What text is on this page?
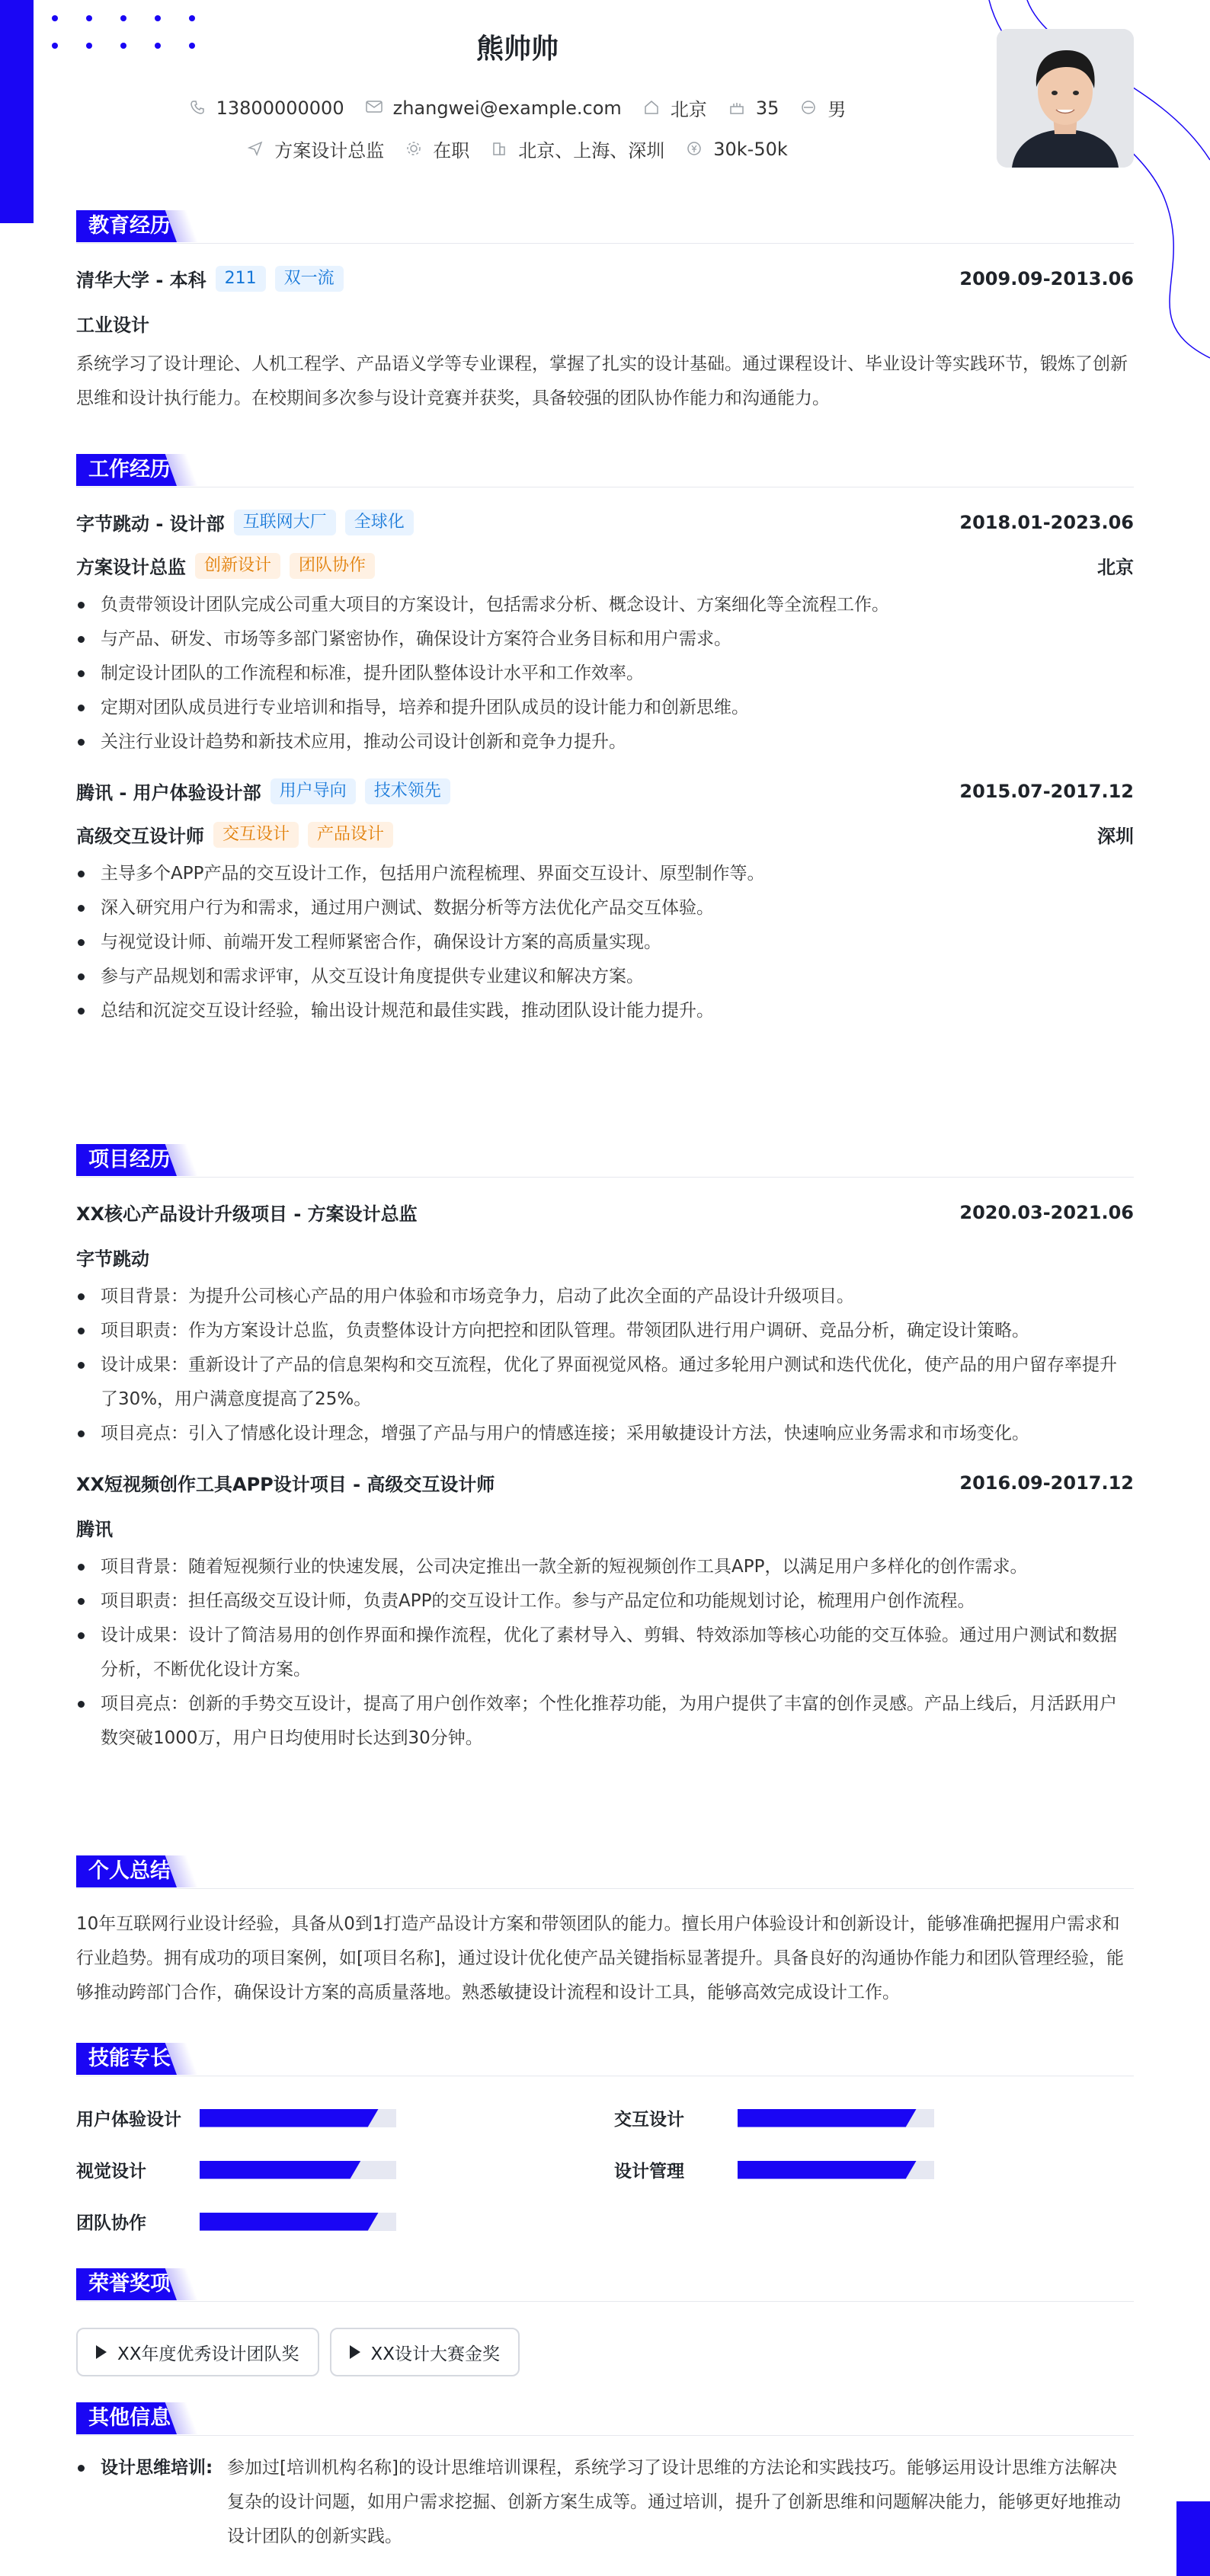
熊帅帅
13800000000	zhangwei@example.com	北京	35	男
方案设计总监	在职	北京、上海、深圳	30k-50k
教育经历
清华大学 - 本科	211	双一流	2009.09-2013.06
工业设计

系统学习了设计理论、人机工程学、产品语义学等专业课程，掌握了扎实的设计基础。通过课程设计、毕业设计等实践环节，锻炼了创新思维和设计执行能力。在校期间多次参与设计竞赛并获奖，具备较强的团队协作能力和沟通能力。

工作经历
字节跳动 - 设计部	互联网大厂	全球化	2018.01-2023.06
方案设计总监	创新设计	团队协作	北京
负责带领设计团队完成公司重大项目的方案设计，包括需求分析、概念设计、方案细化等全流程工作。
与产品、研发、市场等多部门紧密协作，确保设计方案符合业务目标和用户需求。
制定设计团队的工作流程和标准，提升团队整体设计水平和工作效率。
定期对团队成员进行专业培训和指导，培养和提升团队成员的设计能力和创新思维。
关注行业设计趋势和新技术应用，推动公司设计创新和竞争力提升。
腾讯 - 用户体验设计部	用户导向	技术领先	2015.07-2017.12
高级交互设计师	交互设计	产品设计	深圳
主导多个APP产品的交互设计工作，包括用户流程梳理、界面交互设计、原型制作等。
深入研究用户行为和需求，通过用户测试、数据分析等方法优化产品交互体验。
与视觉设计师、前端开发工程师紧密合作，确保设计方案的高质量实现。
参与产品规划和需求评审，从交互设计角度提供专业建议和解决方案。
总结和沉淀交互设计经验，输出设计规范和最佳实践，推动团队设计能力提升。
项目经历
XX核心产品设计升级项目 - 方案设计总监	2020.03-2021.06
字节跳动
项目背景：为提升公司核心产品的用户体验和市场竞争力，启动了此次全面的产品设计升级项目。
项目职责：作为方案设计总监，负责整体设计方向把控和团队管理。带领团队进行用户调研、竞品分析，确定设计策略。
设计成果：重新设计了产品的信息架构和交互流程，优化了界面视觉风格。通过多轮用户测试和迭代优化，使产品的用户留存率提升了30%，用户满意度提高了25%。
项目亮点：引入了情感化设计理念，增强了产品与用户的情感连接；采用敏捷设计方法，快速响应业务需求和市场变化。
XX短视频创作工具APP设计项目 - 高级交互设计师	2016.09-2017.12
腾讯
项目背景：随着短视频行业的快速发展，公司决定推出一款全新的短视频创作工具APP，以满足用户多样化的创作需求。
项目职责：担任高级交互设计师，负责APP的交互设计工作。参与产品定位和功能规划讨论，梳理用户创作流程。
设计成果：设计了简洁易用的创作界面和操作流程，优化了素材导入、剪辑、特效添加等核心功能的交互体验。通过用户测试和数据分析，不断优化设计方案。
项目亮点：创新的手势交互设计，提高了用户创作效率；个性化推荐功能，为用户提供了丰富的创作灵感。产品上线后，月活跃用户数突破1000万，用户日均使用时长达到30分钟。
个人总结

10年互联网行业设计经验，具备从0到1打造产品设计方案和带领团队的能力。擅长用户体验设计和创新设计，能够准确把握用户需求和行业趋势。拥有成功的项目案例，如[项目名称]，通过设计优化使产品关键指标显著提升。具备良好的沟通协作能力和团队管理经验，能够推动跨部门合作，确保设计方案的高质量落地。熟悉敏捷设计流程和设计工具，能够高效完成设计工作。

技能专长
用户体验设计	交互设计
视觉设计	设计管理
团队协作
荣誉奖项
XX年度优秀设计团队奖	XX设计大赛金奖
其他信息
设计思维培训: 参加过[培训机构名称]的设计思维培训课程，系统学习了设计思维的方法论和实践技巧。能够运用设计思维方法解决复杂的设计问题，如用户需求挖掘、创新方案生成等。通过培训，提升了创新思维和问题解决能力，能够更好地推动设计团队的创新实践。
